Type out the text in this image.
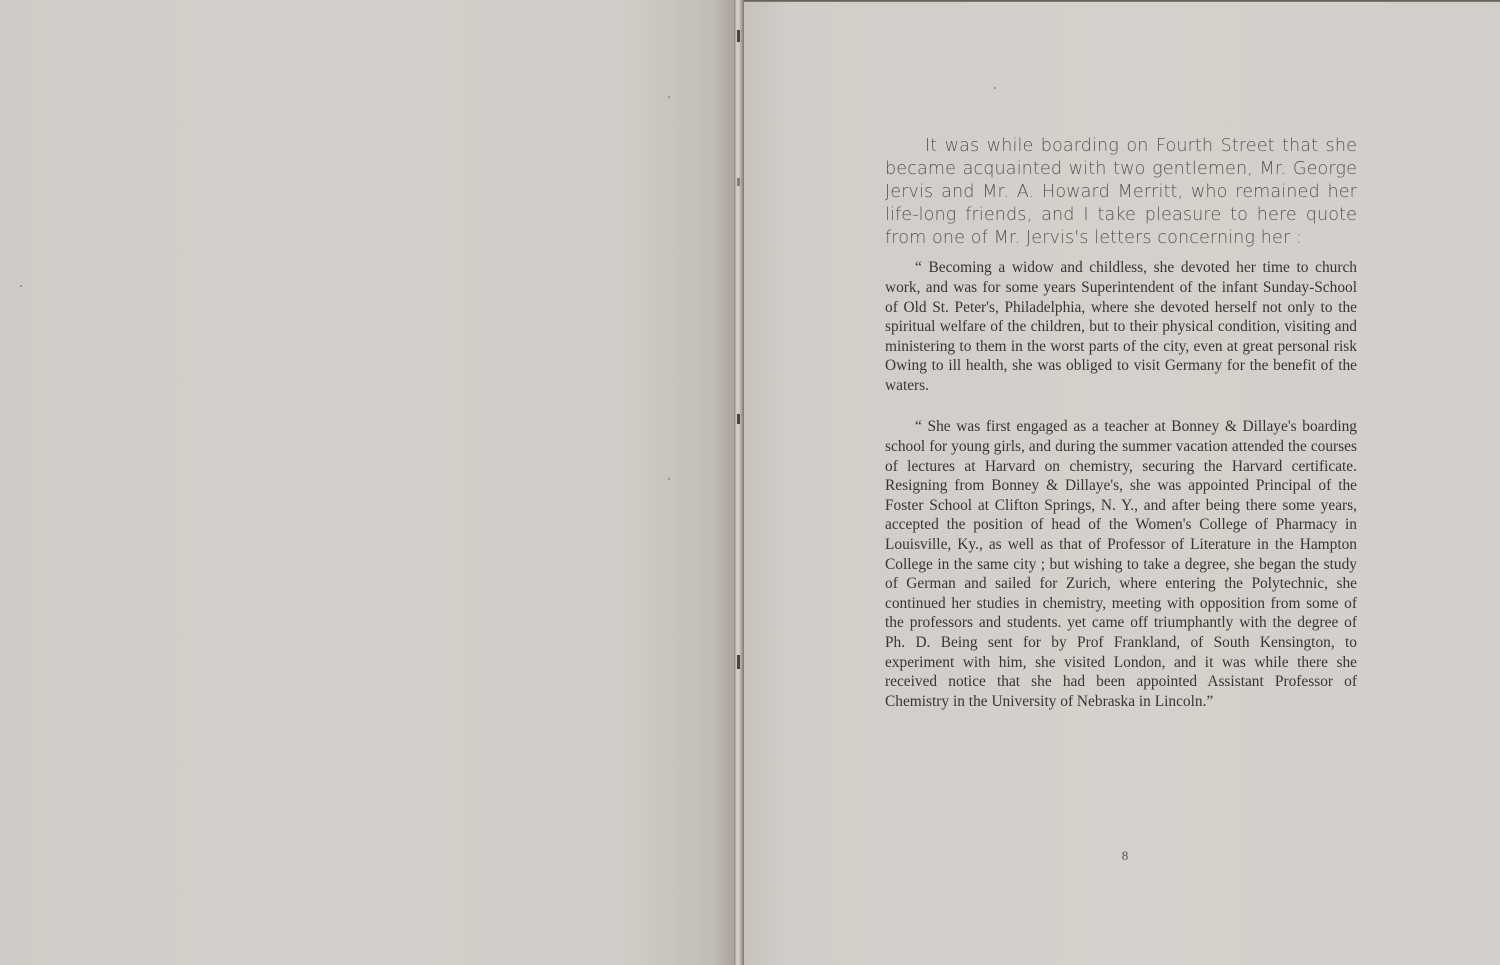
It was while boarding on Fourth Street that she became acquainted with two gentlemen, Mr. George Jervis and Mr. A. Howard Merritt, who remained her life-long friends, and I take pleasure to here quote from one of Mr. Jervis's letters concerning her :

“ Becoming a widow and childless, she devoted her time to church work, and was for some years Superintendent of the infant Sunday-School of Old St. Peter's, Philadelphia, where she devoted herself not only to the spiritual welfare of the children, but to their physical condition, visiting and ministering to them in the worst parts of the city, even at great personal risk Owing to ill health, she was obliged to visit Germany for the benefit of the waters.

“ She was first engaged as a teacher at Bonney & Dillaye's boarding school for young girls, and during the summer vacation attended the courses of lectures at Harvard on chemistry, securing the Harvard certificate. Resigning from Bonney & Dillaye's, she was appointed Principal of the Foster School at Clifton Springs, N. Y., and after being there some years, accepted the position of head of the Women's College of Pharmacy in Louisville, Ky., as well as that of Professor of Literature in the Hampton College in the same city ; but wishing to take a degree, she began the study of German and sailed for Zurich, where entering the Polytechnic, she continued her studies in chemistry, meeting with opposition from some of the professors and students. yet came off triumphantly with the degree of Ph. D. Being sent for by Prof Frankland, of South Kensington, to experiment with him, she visited London, and it was while there she received notice that she had been appointed Assistant Professor of Chemistry in the University of Nebraska in Lincoln.”

8
